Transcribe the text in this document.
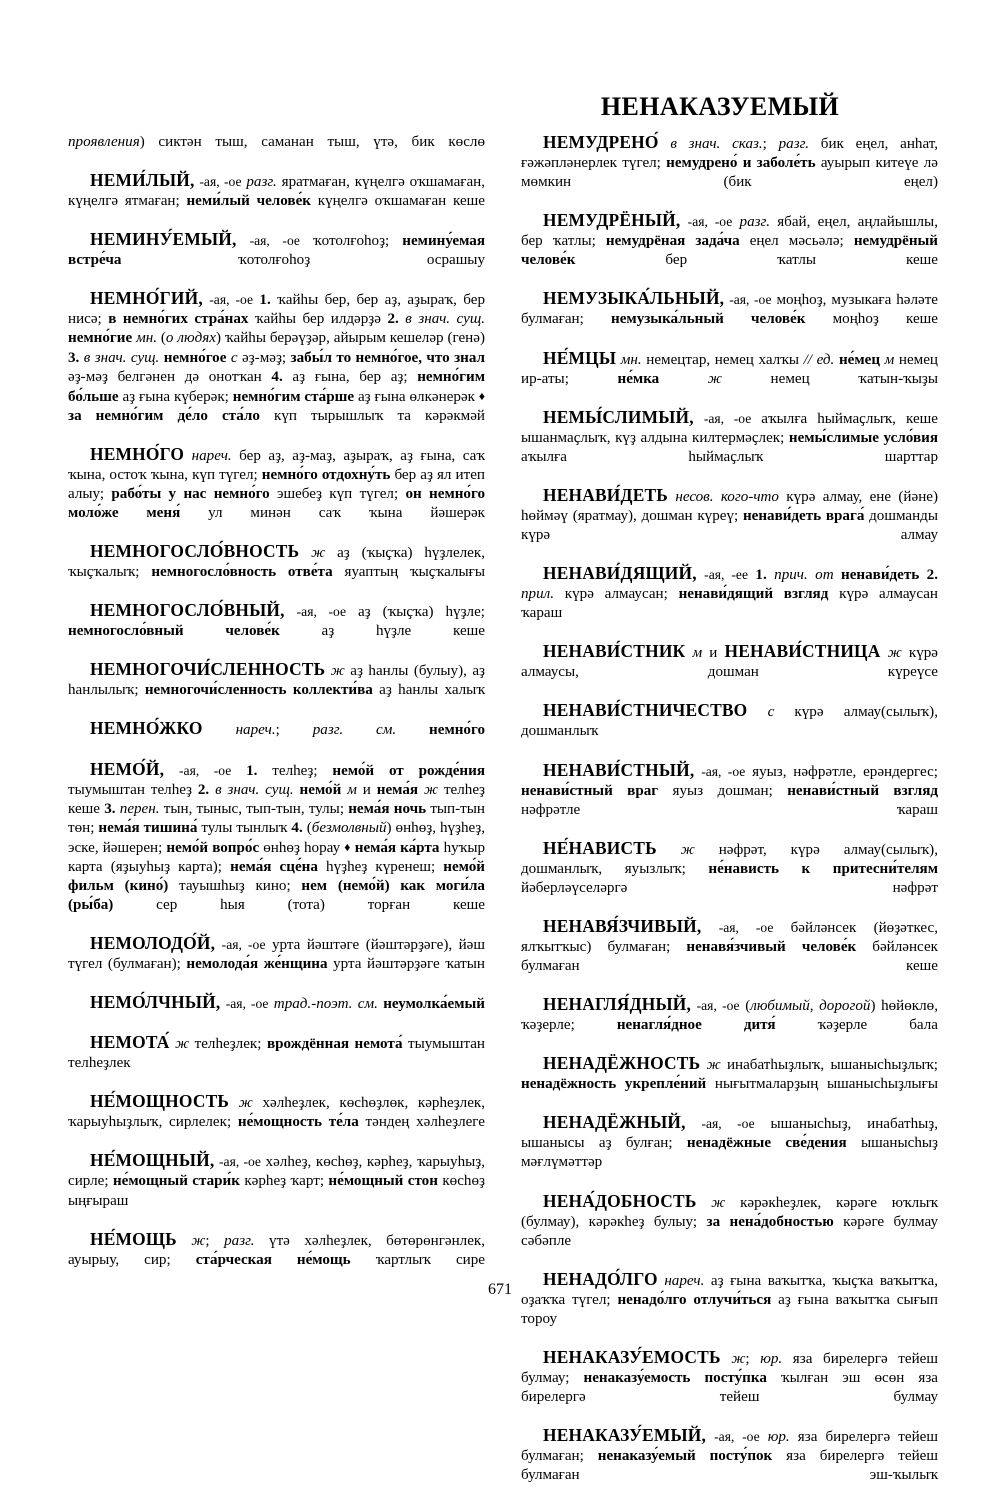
НЕНАКАЗУЕМЫЙ

проявления) сиктән тыш, саманан тыш, үтә, бик көслө

НЕМИ́ЛЫЙ, -ая, -ое разг. яратмаған, күңелгә оҡшамаған, күңелгә ятмаған; неми́лый челове́к күңелгә оҡшамаған кеше

НЕМИНУ́ЕМЫЙ, -ая, -ое ҡотолғоһоҙ; немину́емая встре́ча ҡотолғоһоҙ осрашыу

НЕМНО́ГИЙ, -ая, -ое 1. ҡайһы бер, бер аҙ, аҙыраҡ, бер нисә; в немно́гих стра́нах ҡайһы бер илдәрҙә 2. в знач. сущ. немно́гие мн. (о людях) ҡайһы берәүҙәр, айырым кешеләр (генә) 3. в знач. сущ. немно́гое с әҙ-мәҙ; забы́л то немно́гое, что знал әҙ-мәҙ белгәнен дә онотҡан 4. аҙ ғына, бер аҙ; немно́гим бо́льше аҙ ғына күберәк; немно́гим ста́рше аҙ ғына өлкәнерәк ♦ за немно́гим де́ло ста́ло күп тырышлыҡ та кәрәкмәй

НЕМНО́ГО нареч. бер аҙ, аҙ-маҙ, аҙыраҡ, аҙ ғына, саҡ ҡына, остоҡ ҡына, күп түгел; немно́го отдохну́ть бер аҙ ял итеп алыу; рабо́ты у нас немно́го эшебеҙ күп түгел; он немно́го моло́же меня́ ул минән саҡ ҡына йәшерәк

НЕМНОГОСЛО́ВНОСТЬ ж аҙ (ҡыҫҡа) һүҙлелек, ҡыҫҡалыҡ; немногосло́вность отве́та яуаптың ҡыҫҡалығы

НЕМНОГОСЛО́ВНЫЙ, -ая, -ое аҙ (ҡыҫҡа) һүҙле; немногосло́вный челове́к аҙ һүҙле кеше

НЕМНОГОЧИ́СЛЕННОСТЬ ж аҙ һанлы (булыу), аҙ һанлылыҡ; немногочи́сленность коллекти́ва аҙ һанлы халыҡ

НЕМНО́ЖКО нареч.; разг. см. немно́го

НЕМО́Й, -ая, -ое 1. телһеҙ; немо́й от рожде́ния тыумыштан телһеҙ 2. в знач. сущ. немо́й м и нема́я ж телһеҙ кеше 3. перен. тын, тыныс, тып-тын, тулы; нема́я ночь тып-тын төн; нема́я тишина́ тулы тынлыҡ 4. (безмолвный) өнһөҙ, һүҙһеҙ, эске, йәшерен; немо́й вопро́с өнһөҙ һорау ♦ нема́я ка́рта һуҡыр карта (яҙыуһыҙ карта); нема́я сце́на һүҙһеҙ күренеш; немо́й фильм (кино́) тауышһыҙ кино; нем (немо́й) как моги́ла (ры́ба) сер һыя (тота) торған кеше

НЕМОЛОДО́Й, -ая, -ое урта йәштәге (йәштәрҙәге), йәш түгел (булмаған); немолода́я же́нщина урта йәштәрҙәге ҡатын

НЕМО́ЛЧНЫЙ, -ая, -ое трад.-поэт. см. неумолка́емый

НЕМОТА́ ж телһеҙлек; врождённая немота́ тыумыштан телһеҙлек

НЕ́МОЩНОСТЬ ж хәлһеҙлек, көсһөҙлөк, кәрһеҙлек, ҡарыуһыҙлыҡ, сирлелек; не́мощность те́ла тәндең хәлһеҙлеге

НЕ́МОЩНЫЙ, -ая, -ое хәлһеҙ, көсһөҙ, кәрһеҙ, ҡарыуһыҙ, сирле; не́мощный стари́к кәрһеҙ ҡарт; не́мощный стон көсһөҙ ыңғыраш

НЕ́МОЩЬ ж; разг. үтә хәлһеҙлек, бөтөрөнгәнлек, ауырыу, сир; ста́рческая не́мощь ҡартлыҡ сире

НЕМУДРЕНО́ в знач. сказ.; разг. бик еңел, анһат, ғәжәпләнерлек түгел; немудрено́ и заболе́ть ауырып китеүе лә мөмкин (бик еңел)

НЕМУДРЁНЫЙ, -ая, -ое разг. ябай, еңел, аңлайышлы, бер ҡатлы; немудрёная зада́ча еңел мәсьәлә; немудрёный челове́к бер ҡатлы кеше

НЕМУЗЫКА́ЛЬНЫЙ, -ая, -ое моңһоҙ, музыкаға һәләте булмаған; немузыка́льный челове́к моңһоҙ кеше

НЕ́МЦЫ мн. немецтар, немец халҡы // ед. не́мец м немец ир-аты; не́мка	ж немец ҡатын-ҡыҙы

НЕМЫ́СЛИМЫЙ, -ая, -ое аҡылға һыймаҫлыҡ, кеше ышанмаҫлыҡ, күҙ алдына килтермәҫлек; немы́слимые усло́вия аҡылға һыймаҫлыҡ шарттар

НЕНАВИ́ДЕТЬ несов. кого-что күрә алмау, ене (йәне) һөймәү (яратмау), дошман күреү; ненави́деть врага́ дошманды күрә алмау

НЕНАВИ́ДЯЩИЙ, -ая, -ее 1. прич. от ненави́деть 2. прил. күрә алмаусан; ненави́дящий взгляд күрә алмаусан ҡараш

НЕНАВИ́СТНИК м и НЕНАВИ́СТНИЦА ж күрә алмаусы, дошман күреүсе

НЕНАВИ́СТНИЧЕСТВО с күрә алмау(сылыҡ), дошманлыҡ

НЕНАВИ́СТНЫЙ, -ая, -ое яуыз, нәфрәтле, ерәндергес; ненави́стный враг яуыз дошман; ненави́стный взгляд нәфрәтле ҡараш

НЕ́НАВИСТЬ ж нәфрәт, күрә алмау(сылыҡ), дошманлыҡ, яуызлыҡ; не́нависть к притесни́телям йәберләүселәргә нәфрәт

НЕНАВЯ́ЗЧИВЫЙ, -ая, -ое бәйләнсек (йөҙәткес, ялҡытҡыс) булмаған; ненавя́зчивый челове́к бәйләнсек булмаған кеше

НЕНАГЛЯ́ДНЫЙ, -ая, -ое (любимый, дорогой) һөйөклө, ҡәҙерле; ненагля́дное дитя́ ҡәҙерле бала

НЕНАДЁЖНОСТЬ ж инабатһыҙлыҡ, ышанысһыҙлыҡ; ненадёжность укрепле́ний нығытмаларҙың ышанысһыҙлығы

НЕНАДЁЖНЫЙ, -ая, -ое ышанысһыҙ, инабатһыҙ, ышанысы аҙ булған; ненадёжные све́дения ышанысһыҙ мәғлүмәттәр

НЕНА́ДОБНОСТЬ ж кәрәкһеҙлек, кәрәге юҡлыҡ (булмау), кәрәкһеҙ булыу; за нена́добностью кәрәге булмау сәбәпле

НЕНАДО́ЛГО нареч. аҙ ғына ваҡытҡа, ҡыҫҡа ваҡытҡа, оҙаҡҡа түгел; ненадо́лго отлучи́ться аҙ ғына ваҡытҡа сығып тороу

НЕНАКАЗУ́ЕМОСТЬ ж; юр. яза бирелергә тейеш булмау; ненаказу́емость посту́пка ҡылған эш өсөн яза бирелергә тейеш булмау

НЕНАКАЗУ́ЕМЫЙ, -ая, -ое юр. яза бирелергә тейеш булмаған; ненаказу́емый посту́пок яза бирелергә тейеш булмаған эш-ҡылыҡ

671
